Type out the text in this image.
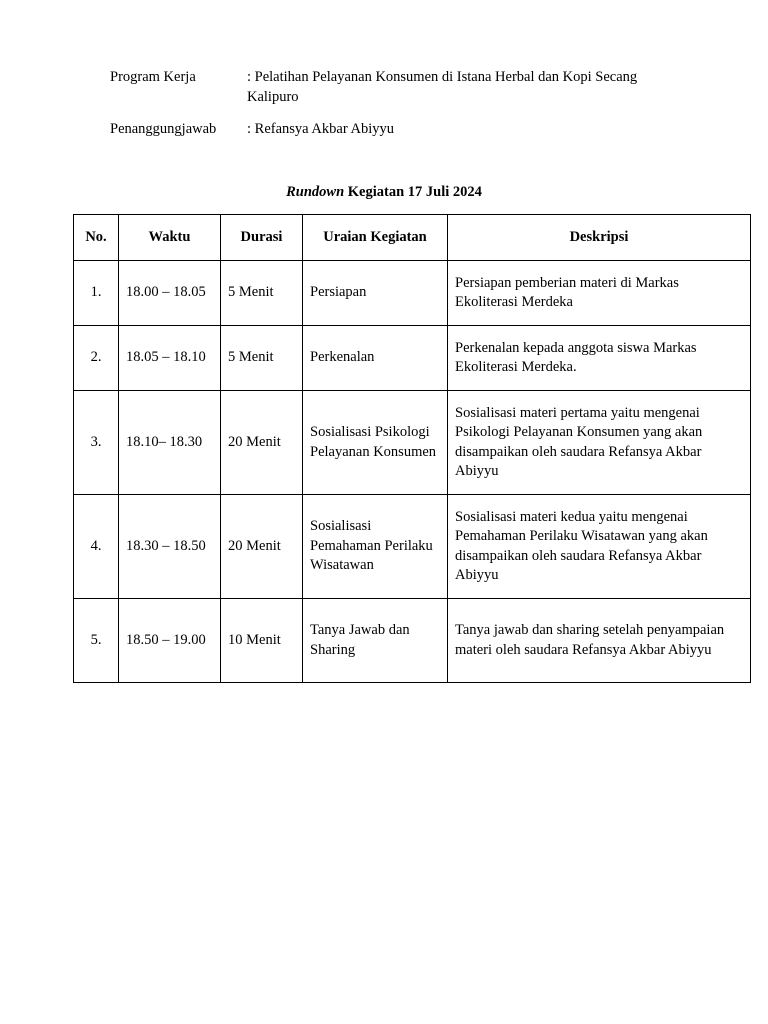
Program Kerja	: Pelatihan Pelayanan Konsumen di Istana Herbal dan Kopi Secang Kalipuro
Penanggungjawab : Refansya Akbar Abiyyu
Rundown Kegiatan 17 Juli 2024
No.	Waktu	Durasi	Uraian Kegiatan	Deskripsi
1.	18.00 – 18.05	5 Menit	Persiapan	Persiapan pemberian materi di Markas Ekoliterasi Merdeka
2.	18.05 – 18.10	5 Menit	Perkenalan	Perkenalan kepada anggota siswa Markas Ekoliterasi Merdeka.
3.	18.10– 18.30	20 Menit	Sosialisasi Psikologi Pelayanan Konsumen	Sosialisasi materi pertama yaitu mengenai Psikologi Pelayanan Konsumen yang akan disampaikan oleh saudara Refansya Akbar Abiyyu
4.	18.30 – 18.50	20 Menit	Sosialisasi Pemahaman Perilaku Wisatawan	Sosialisasi materi kedua yaitu mengenai Pemahaman Perilaku Wisatawan yang akan disampaikan oleh saudara Refansya Akbar Abiyyu
5.	18.50 – 19.00	10 Menit	Tanya Jawab dan Sharing	Tanya jawab dan sharing setelah penyampaian materi oleh saudara Refansya Akbar Abiyyu
